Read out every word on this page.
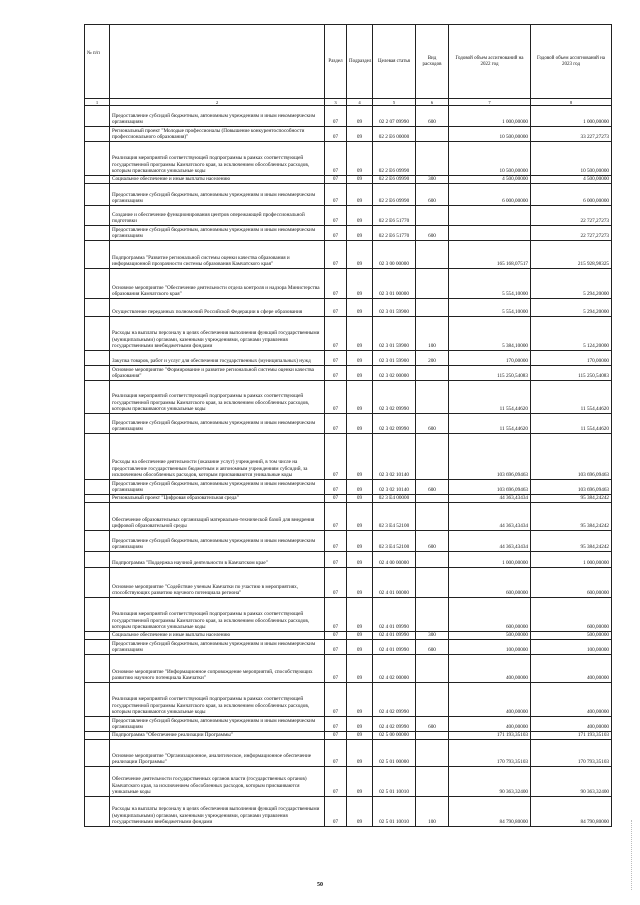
№ п/п		Раздел	Подраздел	Целевая статья	Вид расходов	Годовой объем ассигнований на 2022 год	Годовой объем ассигнований на 2023 год
1	2	3	4	5	6	7	8
	Предоставление субсидий бюджетным, автономным учреждениям и иным некоммерческим организациям	07	09	02 2 07 09990	600	1 000,00000	1 000,00000
	Региональный проект "Молодые профессионалы (Повышение конкурентоспособности профессионального образования)"	07	09	02 2 E6 00000		10 500,00000	33 227,27273
	Реализация мероприятий соответствующей подпрограммы в рамках соответствующей государственной программы Камчатского края, за исключением обособленных расходов, которым присваиваются уникальные коды	07	09	02 2 E6 09990		10 500,00000	10 500,00000
	Социальное обеспечение и иные выплаты населению	07	09	02 2 E6 09990	300	4 500,00000	4 500,00000
	Предоставление субсидий бюджетным, автономным учреждениям и иным некоммерческим организациям	07	09	02 2 E6 09990	600	6 000,00000	6 000,00000
	Создание и обеспечение функционирования центров опережающей профессиональной подготовки	07	09	02 2 E6 51770			22 727,27273
	Предоставление субсидий бюджетным, автономным учреждениям и иным некоммерческим организациям	07	09	02 2 E6 51770	600		22 727,27273
	Подпрограмма "Развитие региональной системы оценки качества образования и информационной прозрачности системы образования Камчатского края"	07	09	02 3 00 00000		165 168,07517	215 928,98325
	Основное мероприятие "Обеспечение деятельности отдела контроля и надзора Министерства образования Камчатского края"	07	09	02 3 01 00000		5 554,10000	5 294,20000
	Осуществление переданных полномочий Российской Федерации в сфере образования	07	09	02 3 01 59900		5 554,10000	5 294,20000
	Расходы на выплаты персоналу в целях обеспечения выполнения функций государственными (муниципальными) органами, казенными учреждениями, органами управления государственными внебюджетными фондами	07	09	02 3 01 59900	100	5 384,10000	5 124,20000
	Закупка товаров, работ и услуг для обеспечения государственных (муниципальных) нужд	07	09	02 3 01 59900	200	170,00000	170,00000
	Основное мероприятие "Формирование и развитие региональной системы оценки качества образования"	07	09	02 3 02 00000		115 250,54083	115 250,54083
	Реализация мероприятий соответствующей подпрограммы в рамках соответствующей государственной программы Камчатского края, за исключением обособленных расходов, которым присваиваются уникальные коды	07	09	02 3 02 09990		11 554,44620	11 554,44620
	Предоставление субсидий бюджетным, автономным учреждениям и иным некоммерческим организациям	07	09	02 3 02 09990	600	11 554,44620	11 554,44620
	Расходы на обеспечение деятельности (оказание услуг) учреждений, в том числе на предоставление государственным бюджетным и автономным учреждениям субсидий, за исключением обособленных расходов, которым присваиваются уникальные коды	07	09	02 3 02 10140		103 696,09463	103 696,09463
	Предоставление субсидий бюджетным, автономным учреждениям и иным некоммерческим организациям	07	09	02 3 02 10140	600	103 696,09463	103 696,09463
	Региональный проект "Цифровая образовательная среда"	07	09	02 3 E4 00000		44 363,43434	95 384,24242
	Обеспечение образовательных организаций материально-технической базой для внедрения цифровой образовательной среды	07	09	02 3 E4 52100		44 363,43434	95 384,24242
	Предоставление субсидий бюджетным, автономным учреждениям и иным некоммерческим организациям	07	09	02 3 E4 52100	600	44 363,43434	95 384,24242
	Подпрограмма "Поддержка научной деятельности в Камчатском крае"	07	09	02 4 00 00000		1 000,00000	1 000,00000
	Основное мероприятие "Содействие ученым Камчатки по участию в мероприятиях, способствующих развитию научного потенциала региона"	07	09	02 4 01 00000		600,00000	600,00000
	Реализация мероприятий соответствующей подпрограммы в рамках соответствующей государственной программы Камчатского края, за исключением обособленных расходов, которым присваиваются уникальные коды	07	09	02 4 01 09990		600,00000	600,00000
	Социальное обеспечение и иные выплаты населению	07	09	02 4 01 09990	300	500,00000	500,00000
	Предоставление субсидий бюджетным, автономным учреждениям и иным некоммерческим организациям	07	09	02 4 01 09990	600	100,00000	100,00000
	Основное мероприятие "Информационное сопровождение мероприятий, способствующих развитию научного потенциала Камчатки"	07	09	02 4 02 00000		400,00000	400,00000
	Реализация мероприятий соответствующей подпрограммы в рамках соответствующей государственной программы Камчатского края, за исключением обособленных расходов, которым присваиваются уникальные коды	07	09	02 4 02 09990		400,00000	400,00000
	Предоставление субсидий бюджетным, автономным учреждениям и иным некоммерческим организациям	07	09	02 4 02 09990	600	400,00000	400,00000
	Подпрограмма "Обеспечение реализации Программы"	07	09	02 5 00 00000		171 193,35103	171 193,35103
	Основное мероприятие "Организационное, аналитическое, информационное обеспечение реализации Программы"	07	09	02 5 01 00000		170 793,35103	170 793,35103
	Обеспечение деятельности государственных органов власти (государственных органов) Камчатского края, за исключением обособленных расходов, которым присваиваются уникальные коды	07	09	02 5 01 10010		90 363,32400	90 363,32400
	Расходы на выплаты персоналу в целях обеспечения выполнения функций государственными (муниципальными) органами, казенными учреждениями, органами управления государственными внебюджетными фондами	07	09	02 5 01 10010	100	84 790,80000	84 790,80000
50
